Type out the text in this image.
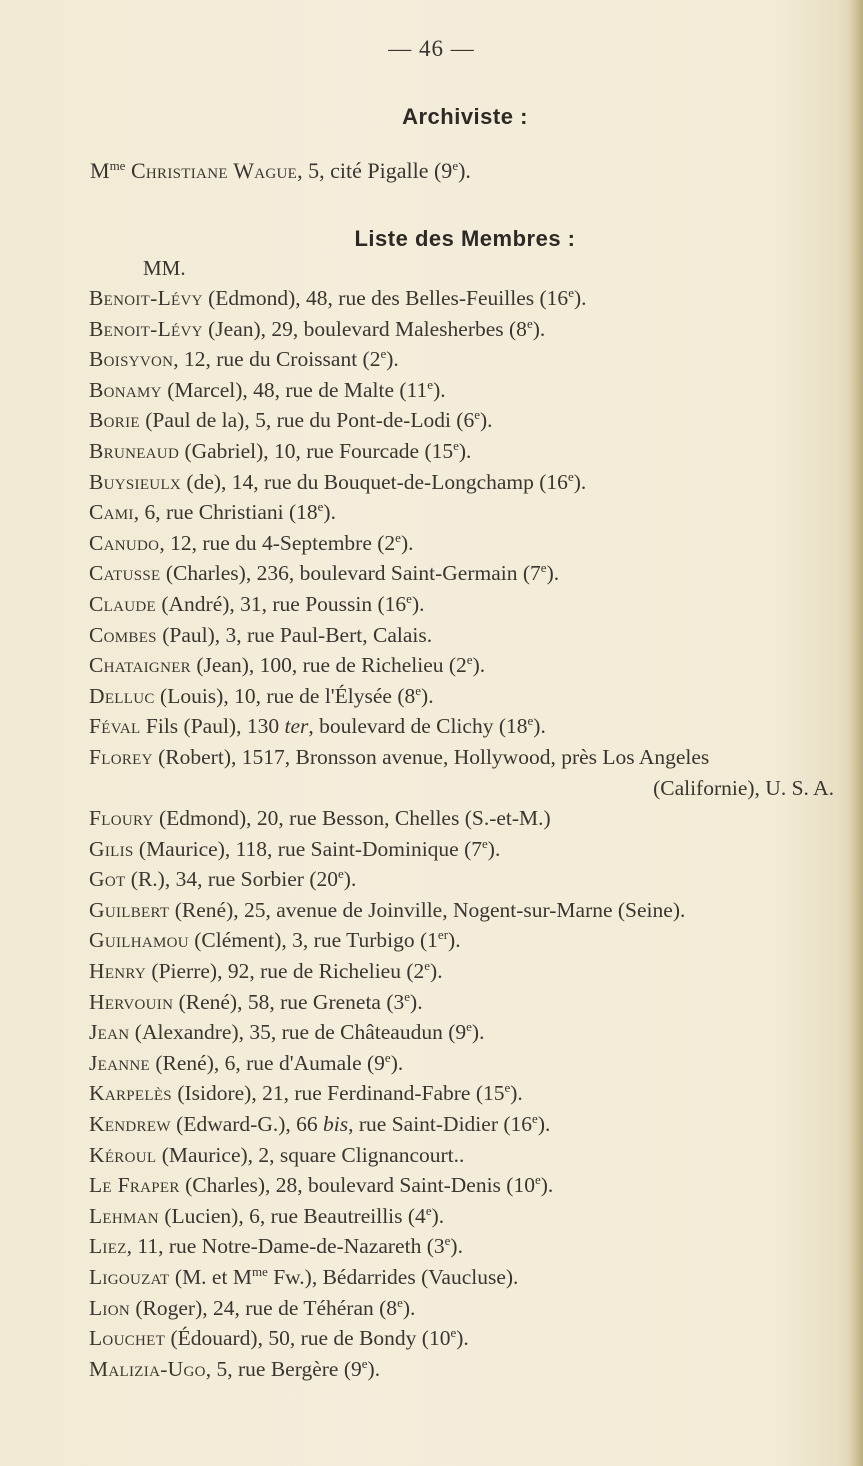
— 46 —
Archiviste :
$M^{me}$ Christiane Wague, 5, cité Pigalle (9e).
Liste des Membres :
MM.
Benoit-Lévy (Edmond), 48, rue des Belles-Feuilles (16e).
Benoit-Lévy (Jean), 29, boulevard Malesherbes (8e).
Boisyvon, 12, rue du Croissant (2e).
Bonamy (Marcel), 48, rue de Malte (11e).
Borie (Paul de la), 5, rue du Pont-de-Lodi (6e).
Bruneaud (Gabriel), 10, rue Fourcade (15e).
Buysieulx (de), 14, rue du Bouquet-de-Longchamp (16e).
Cami, 6, rue Christiani (18e).
Canudo, 12, rue du 4-Septembre (2e).
Catusse (Charles), 236, boulevard Saint-Germain (7e).
Claude (André), 31, rue Poussin (16e).
Combes (Paul), 3, rue Paul-Bert, Calais.
Chataigner (Jean), 100, rue de Richelieu (2e).
Delluc (Louis), 10, rue de l'Élysée (8e).
Féval Fils (Paul), 130 ter, boulevard de Clichy (18e).
Florey (Robert), 1517, Bronsson avenue, Hollywood, près Los Angeles
(Californie), U. S. A.
Floury (Edmond), 20, rue Besson, Chelles (S.-et-M.)
Gilis (Maurice), 118, rue Saint-Dominique (7e).
Got (R.), 34, rue Sorbier (20e).
Guilbert (René), 25, avenue de Joinville, Nogent-sur-Marne (Seine).
Guilhamou (Clément), 3, rue Turbigo (1er).
Henry (Pierre), 92, rue de Richelieu (2e).
Hervouin (René), 58, rue Greneta (3e).
Jean (Alexandre), 35, rue de Châteaudun (9e).
Jeanne (René), 6, rue d'Aumale (9e).
Karpelès (Isidore), 21, rue Ferdinand-Fabre (15e).
Kendrew (Edward-G.), 66 bis, rue Saint-Didier (16e).
Kéroul (Maurice), 2, square Clignancourt..
Le Fraper (Charles), 28, boulevard Saint-Denis (10e).
Lehman (Lucien), 6, rue Beautreillis (4e).
Liez, 11, rue Notre-Dame-de-Nazareth (3e).
Ligouzat (M. et $M^{me}$ Fw.), Bédarrides (Vaucluse).
Lion (Roger), 24, rue de Téhéran (8e).
Louchet (Édouard), 50, rue de Bondy (10e).
Malizia-Ugo, 5, rue Bergère (9e).
